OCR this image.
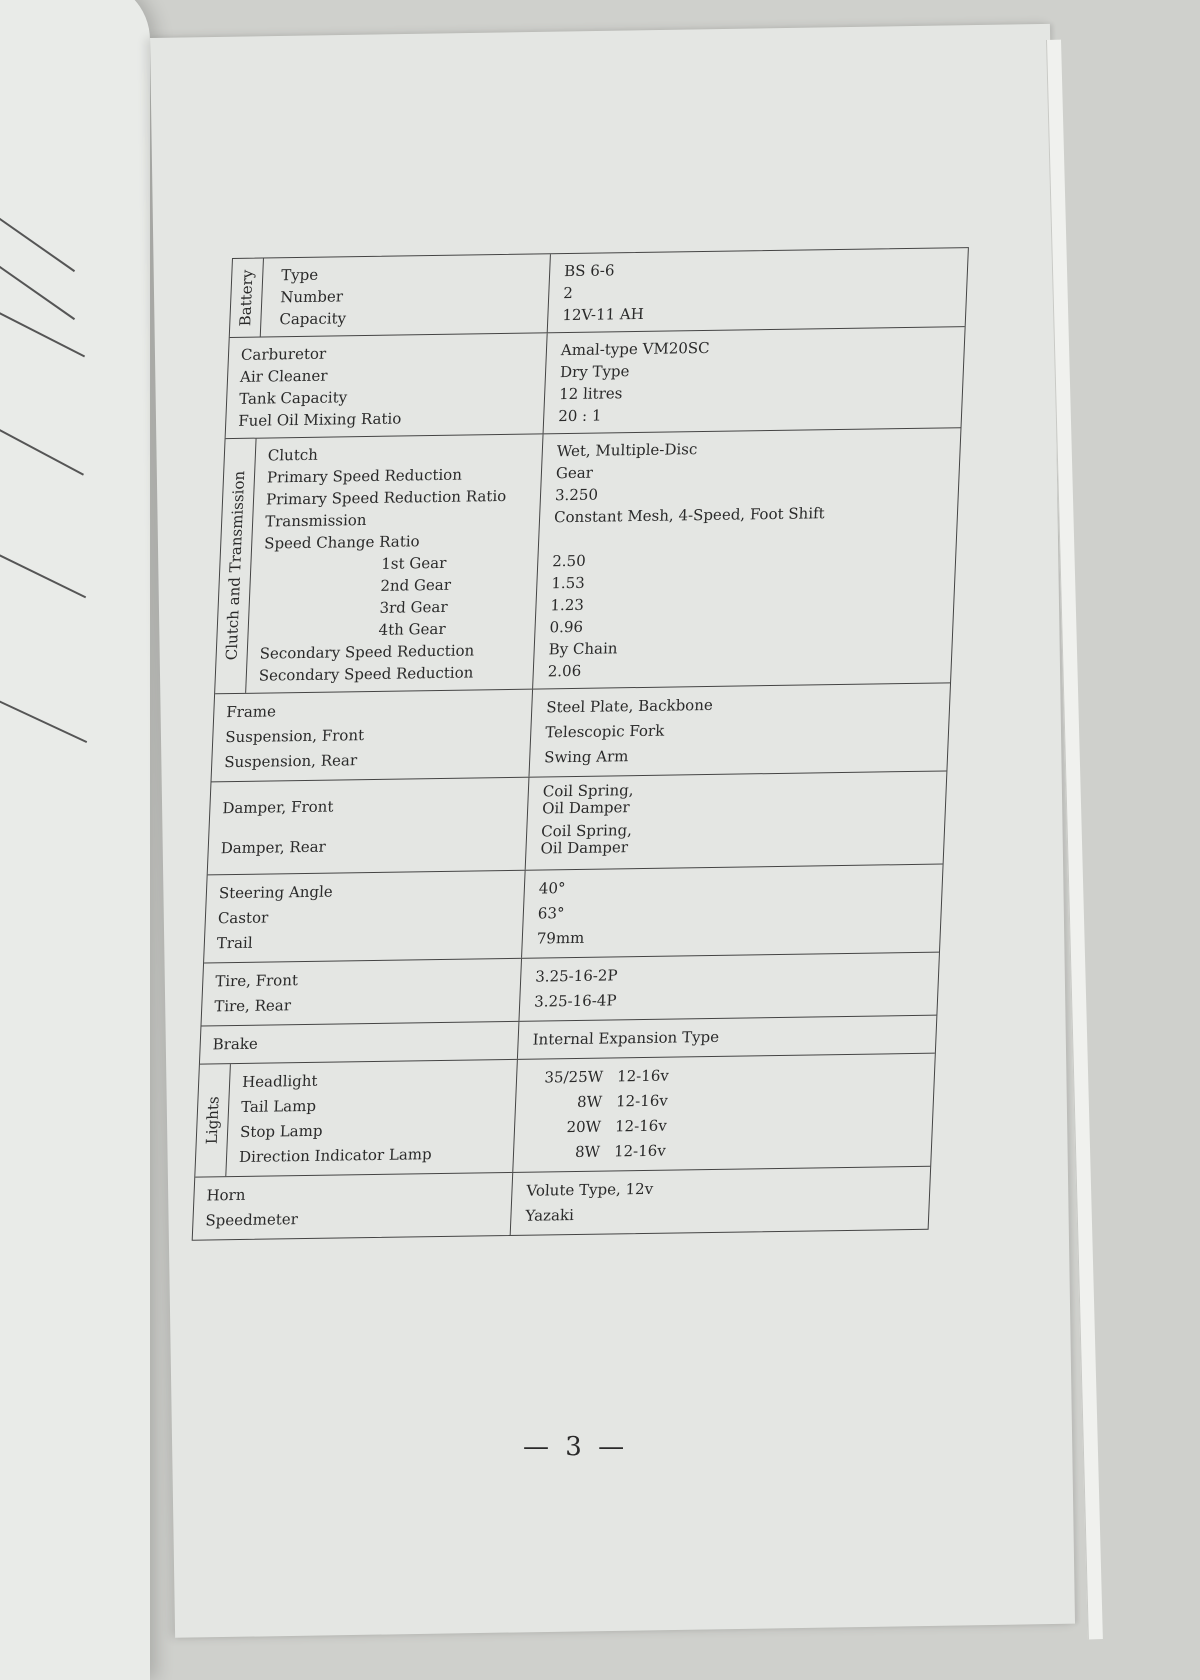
Battery Type
Number
Capacity
BS 6-6
2
12V-11 AH
Carburetor
Air Cleaner
Tank Capacity
Fuel Oil Mixing Ratio
Amal-type VM20SC
Dry Type
12 litres
20 : 1
Clutch and Transmission
Clutch
Primary Speed Reduction
Primary Speed Reduction Ratio
Transmission
Speed Change Ratio
1st Gear
2nd Gear
3rd Gear
4th Gear
Secondary Speed Reduction
Secondary Speed Reduction
Wet, Multiple-Disc
Gear
3.250
Constant Mesh, 4-Speed, Foot Shift
2.50
1.53
1.23
0.96
By Chain
2.06
Frame
Suspension, Front
Suspension, Rear
Steel Plate, Backbone
Telescopic Fork
Swing Arm
Damper, Front
Damper, Rear
Coil Spring,
Oil Damper
Coil Spring,
Oil Damper
Steering Angle
Castor
Trail
40°
63°
79mm
Tire, Front
Tire, Rear
3.25-16-2P
3.25-16-4P
Brake	Internal Expansion Type
Lights
Headlight
Tail Lamp
Stop Lamp
Direction Indicator Lamp
35/25W 12-16v
8W 12-16v
20W 12-16v
8W 12-16v
Horn
Speedmeter
Volute Type, 12v
Yazaki
— 3 —
